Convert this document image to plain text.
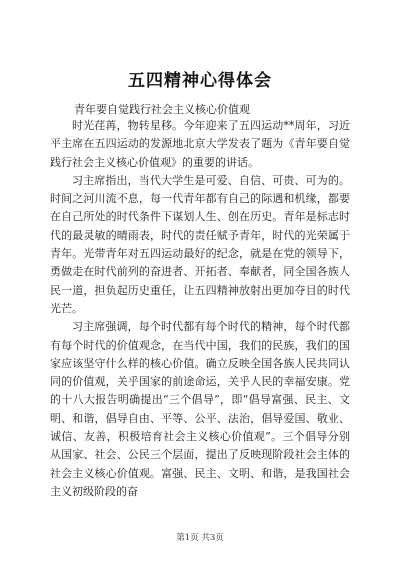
五四精神心得体会
青年要自觉践行社会主义核心价值观

时光荏苒，物转星移。今年迎来了五四运动**周年，习近平主席在五四运动的发源地北京大学发表了题为《青年要自觉践行社会主义核心价值观》的重要的讲话。

习主席指出，当代大学生是可爱、自信、可贵、可为的。时间之河川流不息，每一代青年都有自己的际遇和机缘，都要在自己所处的时代条件下谋划人生、创在历史。青年是标志时代的最灵敏的晴雨表，时代的责任赋予青年，时代的光荣属于青年。光带青年对五四运动最好的纪念，就是在党的领导下，勇做走在时代前列的奋进者、开拓者、奉献者，同全国各族人民一道，担负起历史重任，让五四精神放射出更加夺目的时代光芒。

习主席强调，每个时代都有每个时代的精神，每个时代都有每个时代的价值观念，在当代中国，我们的民族，我们的国家应该坚守什么样的核心价值。确立反映全国各族人民共同认同的价值观，关乎国家的前途命运，关乎人民的幸福安康。党的十八大报告明确提出“三个倡导”，即“倡导富强、民主、文明、和谐，倡导自由、平等、公平、法治，倡导爱国、敬业、诚信、友善，积极培育社会主义核心价值观”。三个倡导分别从国家、社会、公民三个层面，提出了反映现阶段社会主体的社会主义核心价值观。富强、民主、文明、和谐，是我国社会主义初级阶段的奋

第1页 共3页
